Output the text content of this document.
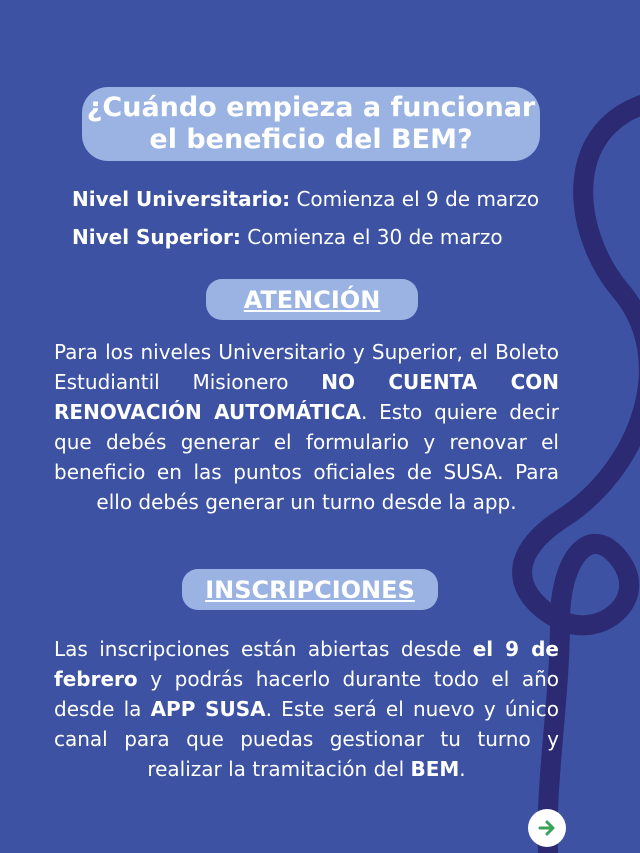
¿Cuándo empieza a funcionar
el beneficio del BEM?
Nivel Universitario: Comienza el 9 de marzo
Nivel Superior: Comienza el 30 de marzo
ATENCIÓN
Para los niveles Universitario y Superior, el Boleto Estudiantil Misionero NO CUENTA CON RENOVACIÓN AUTOMÁTICA. Esto quiere decir que debés generar el formulario y renovar el beneficio en las puntos oficiales de SUSA. Para ello debés generar un turno desde la app.
INSCRIPCIONES
Las inscripciones están abiertas desde el 9 de febrero y podrás hacerlo durante todo el año desde la APP SUSA. Este será el nuevo y único canal para que puedas gestionar tu turno y realizar la tramitación del BEM.
